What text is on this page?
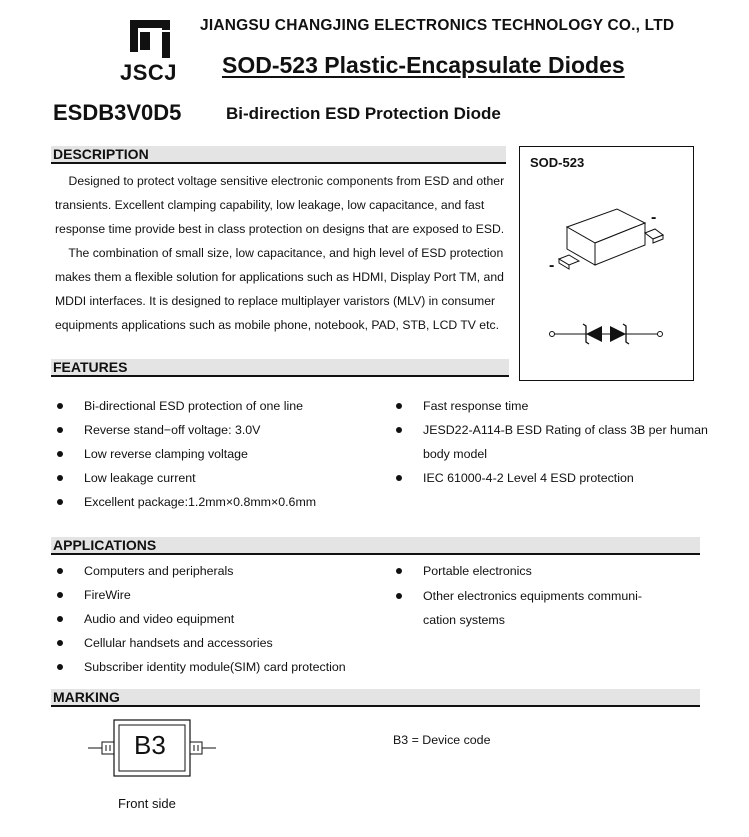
JSCJ
JIANGSU CHANGJING ELECTRONICS TECHNOLOGY CO., LTD
SOD-523 Plastic-Encapsulate Diodes
ESDB3V0D5	Bi-direction ESD Protection Diode
DESCRIPTION

Designed to protect voltage sensitive electronic components from ESD and other

transients. Excellent clamping capability, low leakage, low capacitance, and fast

response time provide best in class protection on designs that are exposed to ESD.

The combination of small size, low capacitance, and high level of ESD protection

makes them a flexible solution for applications such as HDMI, Display Port TM, and

MDDI interfaces. It is designed to replace multiplayer varistors (MLV) in consumer

equipments applications such as mobile phone, notebook, PAD, STB, LCD TV etc.

SOD-523
-
-
FEATURES
Bi-directional ESD protection of one line
Reverse stand−off voltage: 3.0V
Low reverse clamping voltage
Low leakage current
Excellent package:1.2mm×0.8mm×0.6mm
Fast response time
JESD22-A114-B ESD Rating of class 3B per human
body model
IEC 61000-4-2 Level 4 ESD protection
APPLICATIONS
Computers and peripherals
FireWire
Audio and video equipment
Cellular handsets and accessories
Subscriber identity module(SIM) card protection
Portable electronics
Other electronics equipments communi-
cation systems
MARKING
B3
Front side
B3 = Device code
